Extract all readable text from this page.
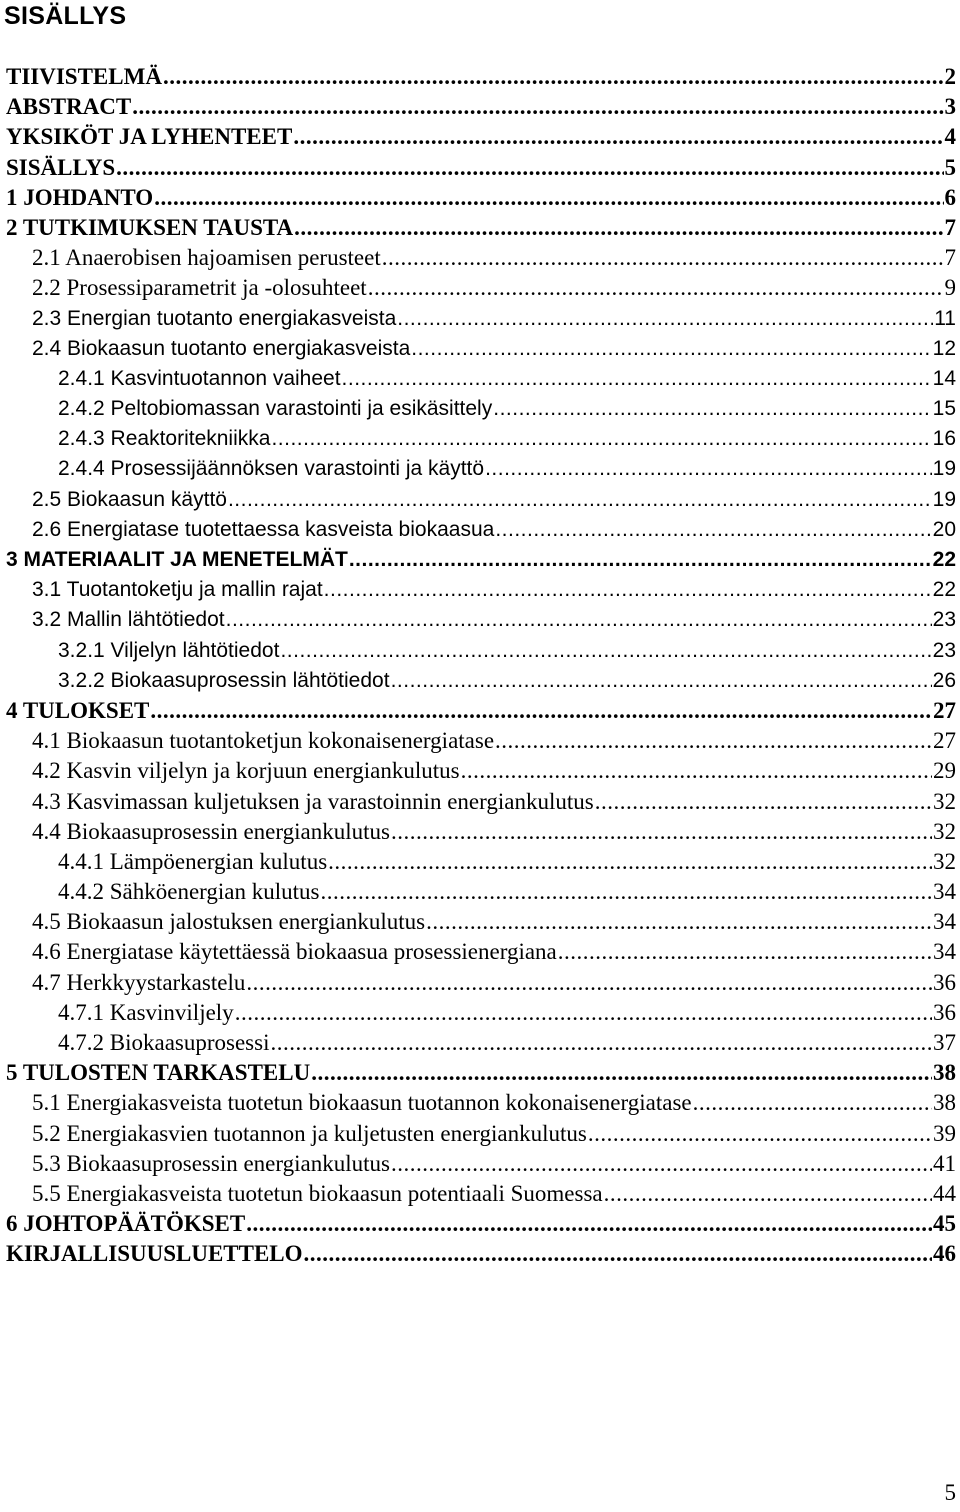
SISÄLLYS
TIIVISTELMÄ .....	2
ABSTRACT .....	3
YKSIKÖT JA LYHENTEET .....	4
SISÄLLYS .....	5
1 JOHDANTO .....	6
2 TUTKIMUKSEN TAUSTA .....	7
2.1 Anaerobisen hajoamisen perusteet .....	7
2.2 Prosessiparametrit ja -olosuhteet .....	9
2.3 Energian tuotanto energiakasveista .....	11
2.4 Biokaasun tuotanto energiakasveista .....	12
2.4.1 Kasvintuotannon vaiheet .....	14
2.4.2 Peltobiomassan varastointi ja esikäsittely .....	15
2.4.3 Reaktoritekniikka .....	16
2.4.4 Prosessijäännöksen varastointi ja käyttö .....	19
2.5 Biokaasun käyttö .....	19
2.6 Energiatase tuotettaessa kasveista biokaasua .....	20
3 MATERIAALIT JA MENETELMÄT .....	22
3.1 Tuotantoketju ja mallin rajat .....	22
3.2 Mallin lähtötiedot .....	23
3.2.1 Viljelyn lähtötiedot .....	23
3.2.2 Biokaasuprosessin lähtötiedot .....	26
4 TULOKSET .....	27
4.1 Biokaasun tuotantoketjun kokonaisenergiatase .....	27
4.2 Kasvin viljelyn ja korjuun energiankulutus .....	29
4.3 Kasvimassan kuljetuksen ja varastoinnin energiankulutus .....	32
4.4 Biokaasuprosessin energiankulutus .....	32
4.4.1 Lämpöenergian kulutus .....	32
4.4.2 Sähköenergian kulutus .....	34
4.5 Biokaasun jalostuksen energiankulutus .....	34
4.6 Energiatase käytettäessä biokaasua prosessienergiana .....	34
4.7 Herkkyystarkastelu .....	36
4.7.1 Kasvinviljely .....	36
4.7.2 Biokaasuprosessi .....	37
5 TULOSTEN TARKASTELU .....	38
5.1 Energiakasveista tuotetun biokaasun tuotannon kokonaisenergiatase .....	38
5.2 Energiakasvien tuotannon ja kuljetusten energiankulutus .....	39
5.3 Biokaasuprosessin energiankulutus .....	41
5.5 Energiakasveista tuotetun biokaasun potentiaali Suomessa .....	44
6 JOHTOPÄÄTÖKSET .....	45
KIRJALLISUUSLUETTELO .....	46
5
